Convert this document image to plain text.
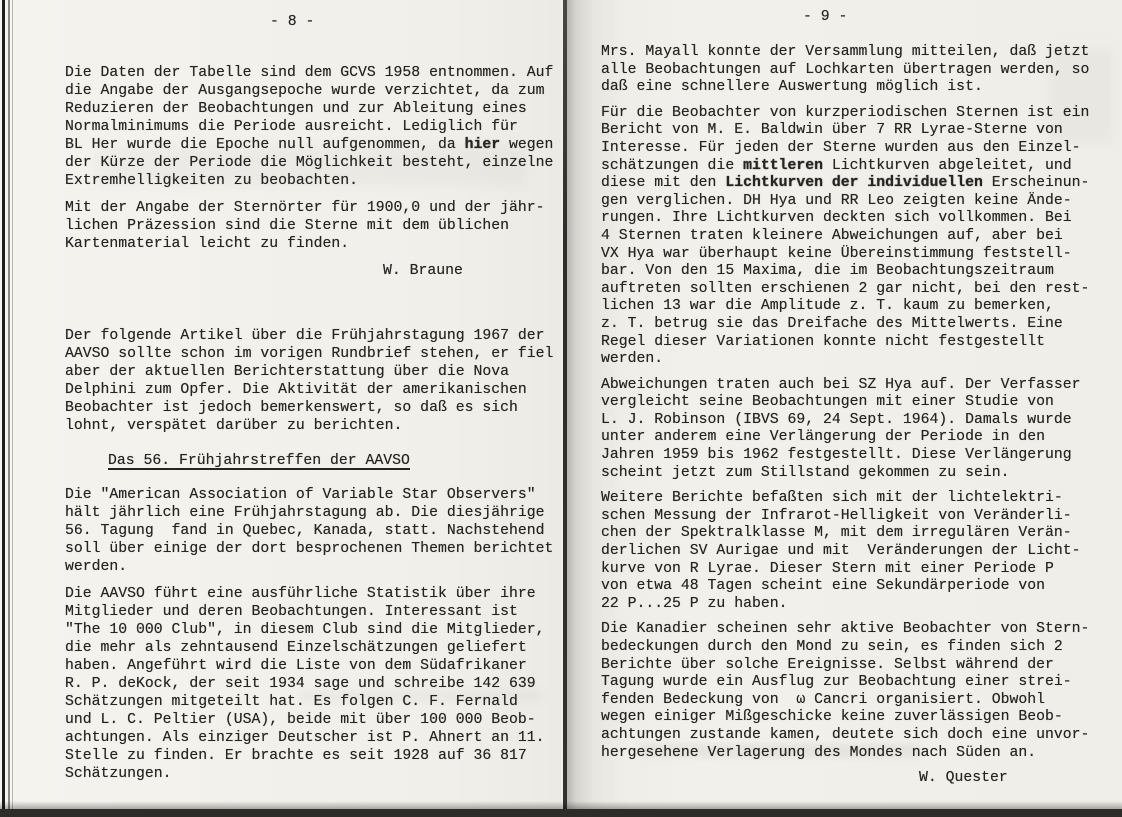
- 8 -	- 9 -
Die Daten der Tabelle sind dem GCVS 1958 entnommen. Auf
die Angabe der Ausgangsepoche wurde verzichtet, da zum
Reduzieren der Beobachtungen und zur Ableitung eines
Normalminimums die Periode ausreicht. Lediglich für
BL Her wurde die Epoche null aufgenommen, da hier wegen
der Kürze der Periode die Möglichkeit besteht, einzelne
Extremhelligkeiten zu beobachten.
Mit der Angabe der Sternörter für 1900,0 und der jähr-
lichen Präzession sind die Sterne mit dem üblichen
Kartenmaterial leicht zu finden.
W. Braune
Der folgende Artikel über die Frühjahrstagung 1967 der
AAVSO sollte schon im vorigen Rundbrief stehen, er fiel
aber der aktuellen Berichterstattung über die Nova
Delphini zum Opfer. Die Aktivität der amerikanischen
Beobachter ist jedoch bemerkenswert, so daß es sich
lohnt, verspätet darüber zu berichten.
Das 56. Frühjahrstreffen der AAVSO
Die "American Association of Variable Star Observers"
hält jährlich eine Frühjahrstagung ab. Die diesjährige
56. Tagung  fand in Quebec, Kanada, statt. Nachstehend
soll über einige der dort besprochenen Themen berichtet
werden.
Die AAVSO führt eine ausführliche Statistik über ihre
Mitglieder und deren Beobachtungen. Interessant ist
"The 10 000 Club", in diesem Club sind die Mitglieder,
die mehr als zehntausend Einzelschätzungen geliefert
haben. Angeführt wird die Liste von dem Südafrikaner
R. P. deKock, der seit 1934 sage und schreibe 142 639
Schätzungen mitgeteilt hat. Es folgen C. F. Fernald
und L. C. Peltier (USA), beide mit über 100 000 Beob-
achtungen. Als einziger Deutscher ist P. Ahnert an 11.
Stelle zu finden. Er brachte es seit 1928 auf 36 817
Schätzungen.
Mrs. Mayall konnte der Versammlung mitteilen, daß jetzt
alle Beobachtungen auf Lochkarten übertragen werden, so
daß eine schnellere Auswertung möglich ist.
Für die Beobachter von kurzperiodischen Sternen ist ein
Bericht von M. E. Baldwin über 7 RR Lyrae-Sterne von
Interesse. Für jeden der Sterne wurden aus den Einzel-
schätzungen die mittleren Lichtkurven abgeleitet, und
diese mit den Lichtkurven der individuellen Erscheinun-
gen verglichen. DH Hya und RR Leo zeigten keine Ände-
rungen. Ihre Lichtkurven deckten sich vollkommen. Bei
4 Sternen traten kleinere Abweichungen auf, aber bei
VX Hya war überhaupt keine Übereinstimmung feststell-
bar. Von den 15 Maxima, die im Beobachtungszeitraum
auftreten sollten erschienen 2 gar nicht, bei den rest-
lichen 13 war die Amplitude z. T. kaum zu bemerken,
z. T. betrug sie das Dreifache des Mittelwerts. Eine
Regel dieser Variationen konnte nicht festgestellt
werden.
Abweichungen traten auch bei SZ Hya auf. Der Verfasser
vergleicht seine Beobachtungen mit einer Studie von
L. J. Robinson (IBVS 69, 24 Sept. 1964). Damals wurde
unter anderem eine Verlängerung der Periode in den
Jahren 1959 bis 1962 festgestellt. Diese Verlängerung
scheint jetzt zum Stillstand gekommen zu sein.
Weitere Berichte befaßten sich mit der lichtelektri-
schen Messung der Infrarot-Helligkeit von Veränderli-
chen der Spektralklasse M, mit dem irregulären Verän-
derlichen SV Aurigae und mit  Veränderungen der Licht-
kurve von R Lyrae. Dieser Stern mit einer Periode P
von etwa 48 Tagen scheint eine Sekundärperiode von
22 P...25 P zu haben.
Die Kanadier scheinen sehr aktive Beobachter von Stern-
bedeckungen durch den Mond zu sein, es finden sich 2
Berichte über solche Ereignisse. Selbst während der
Tagung wurde ein Ausflug zur Beobachtung einer strei-
fenden Bedeckung von  ω Cancri organisiert. Obwohl
wegen einiger Mißgeschicke keine zuverlässigen Beob-
achtungen zustande kamen, deutete sich doch eine unvor-
hergesehene Verlagerung des Mondes nach Süden an.
W. Quester
